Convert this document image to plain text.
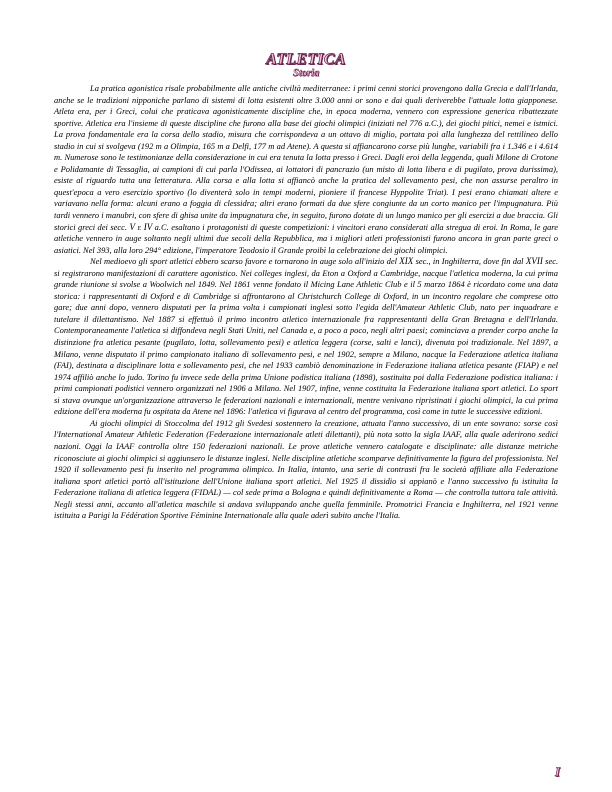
ATLETICA
Storia

La pratica agonistica risale probabilmente alle antiche civiltà mediterranee: i primi cenni storici provengono dalla Grecia e dall'Irlanda, anche se le tradizioni nipponiche parlano di sistemi di lotta esistenti oltre 3.000 anni or sono e dai quali deriverebbe l'attuale lotta giapponese. Atleta era, per i Greci, colui che praticava agonisticamente discipline che, in epoca moderna, vennero con espressione generica ribattezzate sportive. Atletica era l'insieme di queste discipline che furono alla base dei giochi olimpici (iniziati nel 776 a.C.), dei giochi pitici, nemei e istmici. La prova fondamentale era la corsa dello stadio, misura che corrispondeva a un ottavo di miglio, portata poi alla lunghezza del rettilineo dello stadio in cui si svolgeva (192 m a Olimpia, 165 m a Delfi, 177 m ad Atene). A questa si affiancarono corse più lunghe, variabili fra i 1.346 e i 4.614 m. Numerose sono le testimonianze della considerazione in cui era tenuta la lotta presso i Greci. Dagli eroi della leggenda, quali Milone di Crotone e Polidamante di Tessaglia, ai campioni di cui parla l'Odissea, ai lottatori di pancrazio (un misto di lotta libera e di pugilato, prova durissima), esiste al riguardo tutta una letteratura. Alla corsa e alla lotta si affiancò anche la pratica del sollevamento pesi, che non assurse peraltro in quest'epoca a vero esercizio sportivo (lo diventerà solo in tempi moderni, pioniere il francese Hyppolite Triat). I pesi erano chiamati altere e variavano nella forma: alcuni erano a foggia di clessidra; altri erano formati da due sfere congiunte da un corto manico per l'impugnatura. Più tardi vennero i manubri, con sfere di ghisa unite da impugnatura che, in seguito, furono dotate di un lungo manico per gli esercizi a due braccia. Gli storici greci dei secc. V e IV a.C. esaltano i protagonisti di queste competizioni: i vincitori erano considerati alla stregua di eroi. In Roma, le gare atletiche vennero in auge soltanto negli ultimi due secoli della Repubblica, ma i migliori atleti professionisti furono ancora in gran parte greci o asiatici. Nel 393, alla loro 294° edizione, l'imperatore Teodosio il Grande proibì la celebrazione dei giochi olimpici.

Nel medioevo gli sport atletici ebbero scarso favore e tornarono in auge solo all'inizio del XIX sec., in Inghilterra, dove fin dal XVII sec. si registrarono manifestazioni di carattere agonistico. Nei colleges inglesi, da Eton a Oxford a Cambridge, nacque l'atletica moderna, la cui prima grande riunione si svolse a Woolwich nel 1849. Nel 1861 venne fondato il Micing Lane Athletic Club e il 5 marzo 1864 è ricordato come una data storica: i rappresentanti di Oxford e di Cambridge si affrontarono al Christchurch College di Oxford, in un incontro regolare che comprese otto gare; due anni dopo, vennero disputati per la prima volta i campionati inglesi sotto l'egida dell'Amateur Athletic Club, nato per inquadrare e tutelare il dilettantismo. Nel 1887 si effettuò il primo incontro atletico internazionale fra rappresentanti della Gran Bretagna e dell'Irlanda. Contemporaneamente l'atletica si diffondeva negli Stati Uniti, nel Canada e, a poco a poco, negli altri paesi; cominciava a prender corpo anche la distinzione fra atletica pesante (pugilato, lotta, sollevamento pesi) e atletica leggera (corse, salti e lanci), divenuta poi tradizionale. Nel 1897, a Milano, venne disputato il primo campionato italiano di sollevamento pesi, e nel 1902, sempre a Milano, nacque la Federazione atletica italiana (FAI), destinata a disciplinare lotta e sollevamento pesi, che nel 1933 cambiò denominazione in Federazione italiana atletica pesante (FIAP) e nel 1974 affiliò anche lo judo. Torino fu invece sede della prima Unione podistica italiana (1898), sostituita poi dalla Federazione podistica italiana: i primi campionati podistici vennero organizzati nel 1906 a Milano. Nel 1907, infine, venne costituita la Federazione italiana sport atletici. Lo sport si stava ovunque un'organizzazione attraverso le federazioni nazionali e internazionali, mentre venivano ripristinati i giochi olimpici, la cui prima edizione dell'era moderna fu ospitata da Atene nel 1896: l'atletica vi figurava al centro del programma, così come in tutte le successive edizioni.

Ai giochi olimpici di Stoccolma del 1912 gli Svedesi sostennero la creazione, attuata l'anno successivo, di un ente sovrano: sorse così l'International Amateur Athletic Federation (Federazione internazionale atleti dilettanti), più nota sotto la sigla IAAF, alla quale aderirono sedici nazioni. Oggi la IAAF controlla oltre 150 federazioni nazionali. Le prove atletiche vennero catalogate e disciplinate: alle distanze metriche riconosciute ai giochi olimpici si aggiunsero le distanze inglesi. Nelle discipline atletiche scomparve definitivamente la figura del professionista. Nel 1920 il sollevamento pesi fu inserito nel programma olimpico. In Italia, intanto, una serie di contrasti fra le società affiliate alla Federazione italiana sport atletici portò all'istituzione dell'Unione italiana sport atletici. Nel 1925 il dissidio si appianò e l'anno successivo fu istituita la Federazione italiana di atletica leggera (FIDAL) — col sede prima a Bologna e quindi definitivamente a Roma — che controlla tuttora tale attività. Negli stessi anni, accanto all'atletica maschile si andava sviluppando anche quella femminile. Promotrici Francia e Inghilterra, nel 1921 venne istituita a Parigi la Fédération Sportive Féminine Internationale alla quale aderì subito anche l'Italia.

I
